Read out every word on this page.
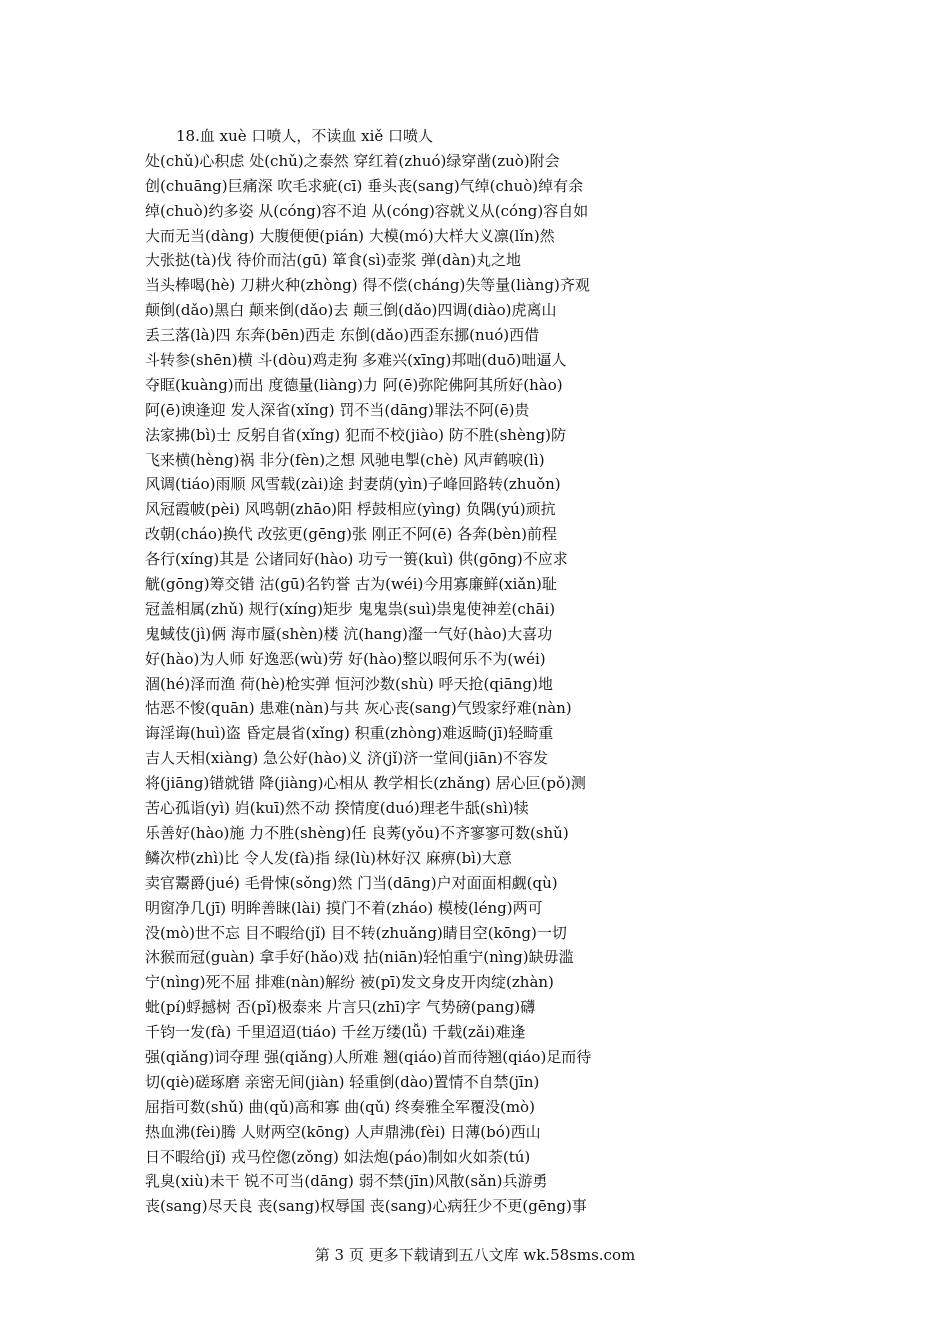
18.血 xuè 口喷人，不读血 xiě 口喷人
处(chǔ)心积虑 处(chǔ)之泰然 穿红着(zhuó)绿穿凿(zuò)附会
创(chuāng)巨痛深 吹毛求疵(cī) 垂头丧(sang)气绰(chuò)绰有余
绰(chuò)约多姿 从(cóng)容不迫 从(cóng)容就义从(cóng)容自如
大而无当(dàng) 大腹便便(pián) 大模(mó)大样大义凛(lǐn)然
大张挞(tà)伐 待价而沽(gū) 箪食(sì)壶浆 弹(dàn)丸之地
当头棒喝(hè) 刀耕火种(zhòng) 得不偿(cháng)失等量(liàng)齐观
颠倒(dǎo)黑白 颠来倒(dǎo)去 颠三倒(dǎo)四调(diào)虎离山
丢三落(là)四 东奔(bēn)西走 东倒(dǎo)西歪东挪(nuó)西借
斗转参(shēn)横 斗(dòu)鸡走狗 多难兴(xīng)邦咄(duō)咄逼人
夺眶(kuàng)而出 度德量(liàng)力 阿(ē)弥陀佛阿其所好(hào)
阿(ē)谀逢迎 发人深省(xǐng) 罚不当(dāng)罪法不阿(ē)贵
法家拂(bì)士 反躬自省(xǐng) 犯而不校(jiào) 防不胜(shèng)防
飞来横(hèng)祸 非分(fèn)之想 风驰电掣(chè) 风声鹤唳(lì)
风调(tiáo)雨顺 风雪载(zài)途 封妻荫(yìn)子峰回路转(zhuǒn)
风冠霞帔(pèi) 风鸣朝(zhāo)阳 桴鼓相应(yìng) 负隅(yú)顽抗
改朝(cháo)换代 改弦更(gēng)张 刚正不阿(ē) 各奔(bèn)前程
各行(xíng)其是 公诸同好(hào) 功亏一篑(kuì) 供(gōng)不应求
觥(gōng)筹交错 沽(gū)名钓誉 古为(wéi)今用寡廉鲜(xiǎn)耻
冠盖相属(zhǔ) 规行(xíng)矩步 鬼鬼祟(suì)祟鬼使神差(chāi)
鬼蜮伎(jì)俩 海市蜃(shèn)楼 沆(hang)瀣一气好(hào)大喜功
好(hào)为人师 好逸恶(wù)劳 好(hào)整以暇何乐不为(wéi)
涸(hé)泽而渔 荷(hè)枪实弹 恒河沙数(shù) 呼天抢(qiāng)地
怙恶不悛(quān) 患难(nàn)与共 灰心丧(sang)气毁家纾难(nàn)
诲淫诲(huì)盗 昏定晨省(xǐng) 积重(zhòng)难返畸(jī)轻畸重
吉人天相(xiàng) 急公好(hào)义 济(jǐ)济一堂间(jiān)不容发
将(jiāng)错就错 降(jiàng)心相从 教学相长(zhǎng) 居心叵(pǒ)测
苦心孤诣(yì) 岿(kuī)然不动 揆情度(duó)理老牛舐(shì)犊
乐善好(hào)施 力不胜(shèng)任 良莠(yǒu)不齐寥寥可数(shǔ)
鳞次栉(zhì)比 令人发(fà)指 绿(lù)林好汉 麻痹(bì)大意
卖官鬻爵(jué) 毛骨悚(sǒng)然 门当(dāng)户对面面相觑(qù)
明窗净几(jī) 明眸善睐(lài) 摸门不着(zháo) 模棱(léng)两可
没(mò)世不忘 目不暇给(jǐ) 目不转(zhuǎng)睛目空(kōng)一切
沐猴而冠(guàn) 拿手好(hǎo)戏 拈(niān)轻怕重宁(nìng)缺毋滥
宁(nìng)死不屈 排难(nàn)解纷 被(pī)发文身皮开肉绽(zhàn)
蚍(pí)蜉撼树 否(pǐ)极泰来 片言只(zhī)字 气势磅(pang)礴
千钧一发(fà) 千里迢迢(tiáo) 千丝万缕(lǚ) 千载(zǎi)难逢
强(qiǎng)词夺理 强(qiǎng)人所难 翘(qiáo)首而待翘(qiáo)足而待
切(qiè)磋琢磨 亲密无间(jiàn) 轻重倒(dào)置情不自禁(jīn)
屈指可数(shǔ) 曲(qǔ)高和寡 曲(qǔ) 终奏雅全军覆没(mò)
热血沸(fèi)腾 人财两空(kōng) 人声鼎沸(fèi) 日薄(bó)西山
日不暇给(jǐ) 戎马倥偬(zǒng) 如法炮(páo)制如火如荼(tú)
乳臭(xiù)未干 锐不可当(dāng) 弱不禁(jīn)风散(sǎn)兵游勇
丧(sang)尽天良 丧(sang)权辱国 丧(sang)心病狂少不更(gēng)事
第 3 页 更多下载请到五八文库 wk.58sms.com
